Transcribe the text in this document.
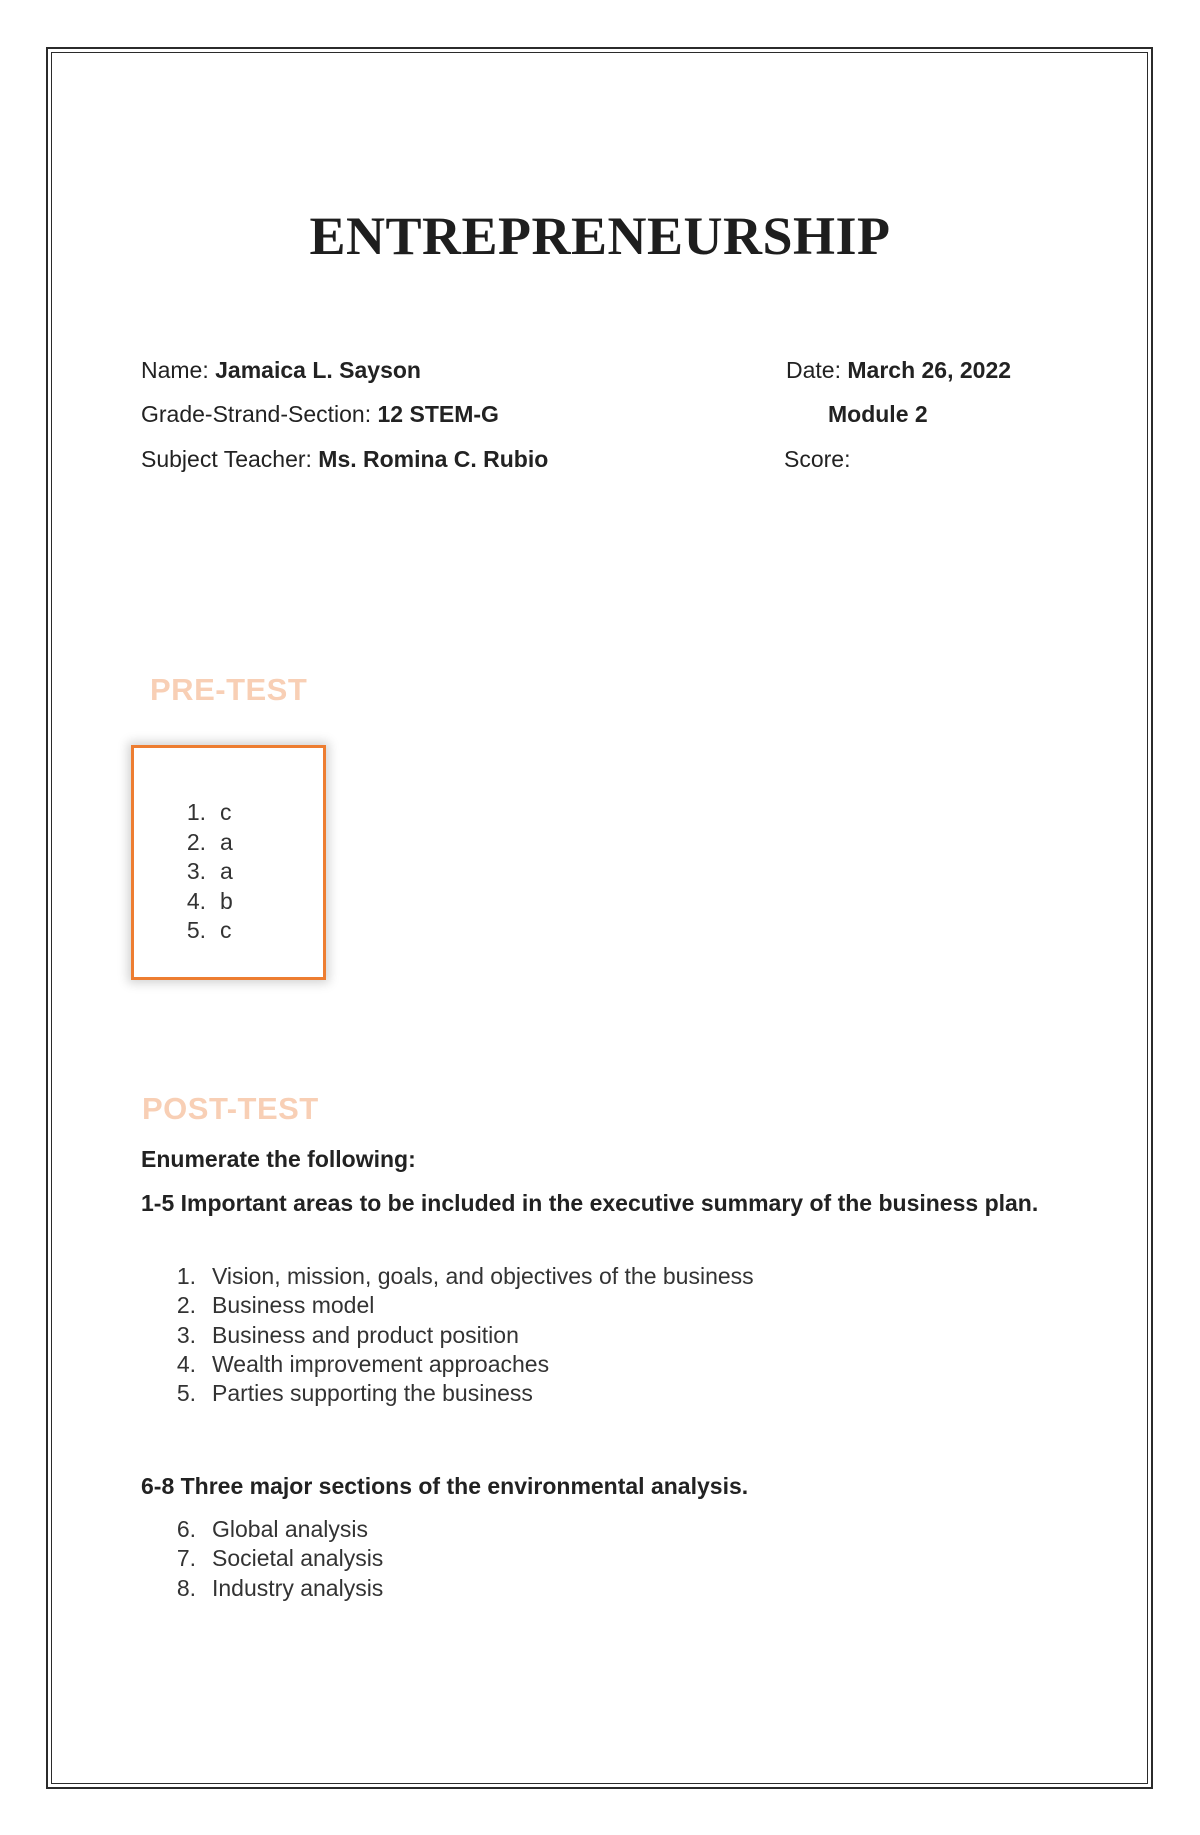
ENTREPRENEURSHIP
Name: Jamaica L. Sayson
Grade-Strand-Section: 12 STEM-G
Subject Teacher: Ms. Romina C. Rubio
Date: March 26, 2022
Module 2
Score:
PRE-TEST
1. c
2. a
3. a
4. b
5. c
POST-TEST
Enumerate the following:
1-5 Important areas to be included in the executive summary of the business plan.
1. Vision, mission, goals, and objectives of the business
2. Business model
3. Business and product position
4. Wealth improvement approaches
5. Parties supporting the business
6-8 Three major sections of the environmental analysis.
6. Global analysis
7. Societal analysis
8. Industry analysis
